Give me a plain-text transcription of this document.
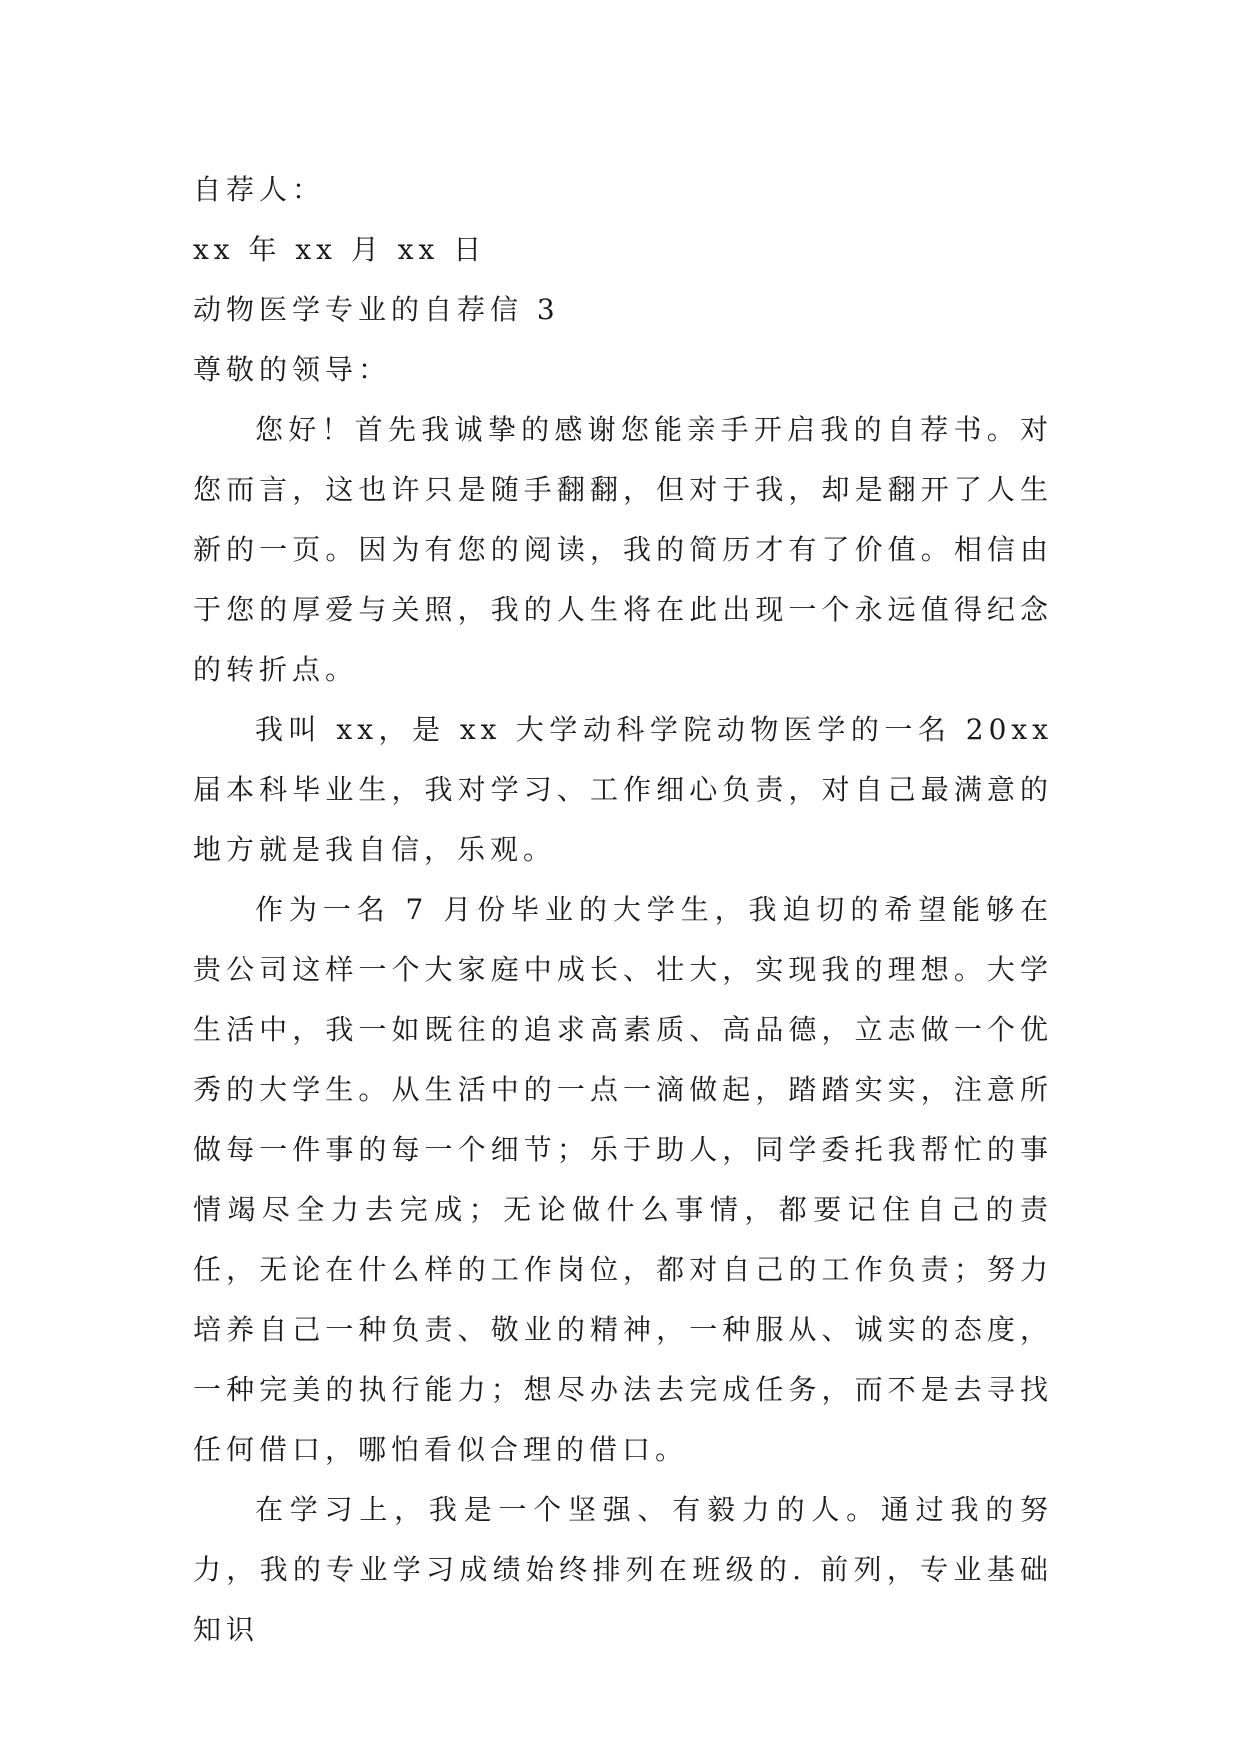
自荐人：

xx 年 xx 月 xx 日

动物医学专业的自荐信 3

尊敬的领导：

您好！首先我诚挚的感谢您能亲手开启我的自荐书。对您而言，这也许只是随手翻翻，但对于我，却是翻开了人生新的一页。因为有您的阅读，我的简历才有了价值。相信由于您的厚爱与关照，我的人生将在此出现一个永远值得纪念的转折点。

我叫 xx，是 xx 大学动科学院动物医学的一名 20xx 届本科毕业生，我对学习、工作细心负责，对自己最满意的地方就是我自信，乐观。

作为一名 7 月份毕业的大学生，我迫切的希望能够在贵公司这样一个大家庭中成长、壮大，实现我的理想。大学生活中，我一如既往的追求高素质、高品德，立志做一个优秀的大学生。从生活中的一点一滴做起，踏踏实实，注意所做每一件事的每一个细节；乐于助人，同学委托我帮忙的事情竭尽全力去完成；无论做什么事情，都要记住自己的责任，无论在什么样的工作岗位，都对自己的工作负责；努力培养自己一种负责、敬业的精神，一种服从、诚实的态度，一种完美的执行能力；想尽办法去完成任务，而不是去寻找任何借口，哪怕看似合理的借口。

在学习上，我是一个坚强、有毅力的人。通过我的努力，我的专业学习成绩始终排列在班级的. 前列，专业基础知识
